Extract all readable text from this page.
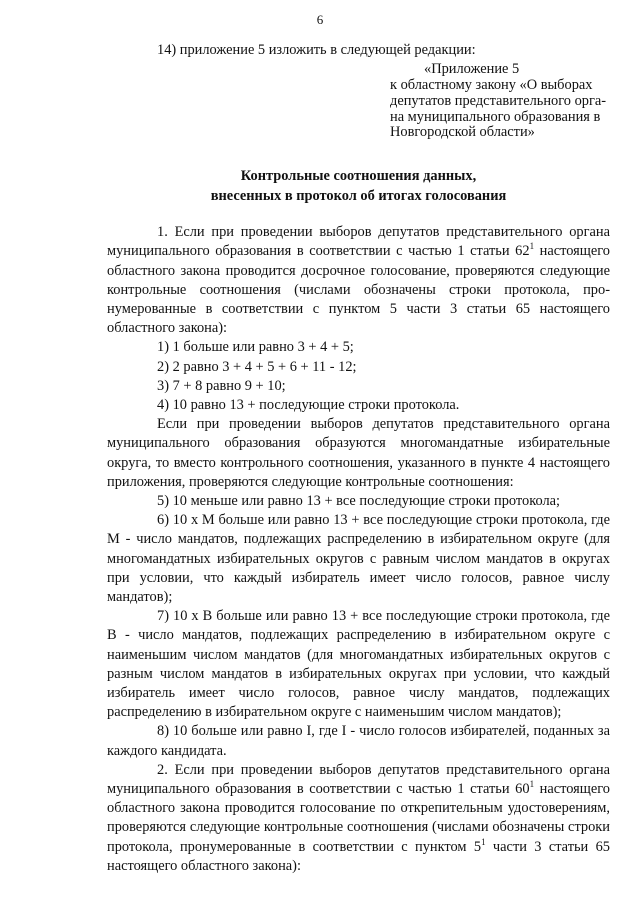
6

14) приложение 5 изложить в следующей редакции:

«Приложение 5
к областному закону «О выборах
депутатов представительного орга-
на муниципального образования в
Новгородской области»
Контрольные соотношения данных,
внесенных в протокол об итогах голосования

1. Если при проведении выборов депутатов представительного органа муниципального образования в соответствии с частью 1 статьи $62^1$ настоящего областного закона проводится досрочное голосование, проверяются следующие контрольные соотношения (числами обозначены строки протокола, пронумерованные в соответствии с пунктом 5 части 3 статьи 65 настоящего областного закона):

1) 1 больше или равно 3 + 4 + 5;

2) 2 равно 3 + 4 + 5 + 6 + 11 - 12;

3) 7 + 8 равно 9 + 10;

4) 10 равно 13 + последующие строки протокола.

Если при проведении выборов депутатов представительного органа муниципального образования образуются многомандатные избирательные округа, то вместо контрольного соотношения, указанного в пункте 4 настоящего приложения, проверяются следующие контрольные соотношения:

5) 10 меньше или равно 13 + все последующие строки протокола;

6) 10 х М больше или равно 13 + все последующие строки протокола, где М - число мандатов, подлежащих распределению в избирательном округе (для многомандатных избирательных округов с равным числом мандатов в округах при условии, что каждый избиратель имеет число голосов, равное числу мандатов);

7) 10 х В больше или равно 13 + все последующие строки протокола, где В - число мандатов, подлежащих распределению в избирательном округе с наименьшим числом мандатов (для многомандатных избирательных округов с разным числом мандатов в избирательных округах при условии, что каждый избиратель имеет число голосов, равное числу мандатов, подлежащих распределению в избирательном округе с наименьшим числом мандатов);

8) 10 больше или равно I, где I - число голосов избирателей, поданных за каждого кандидата.

2. Если при проведении выборов депутатов представительного органа муниципального образования в соответствии с частью 1 статьи $60^1$ настоящего областного закона проводится голосование по открепительным удостоверениям, проверяются следующие контрольные соотношения (числами обозначены строки протокола, пронумерованные в соответствии с пунктом $5^1$ части 3 статьи 65 настоящего областного закона):
